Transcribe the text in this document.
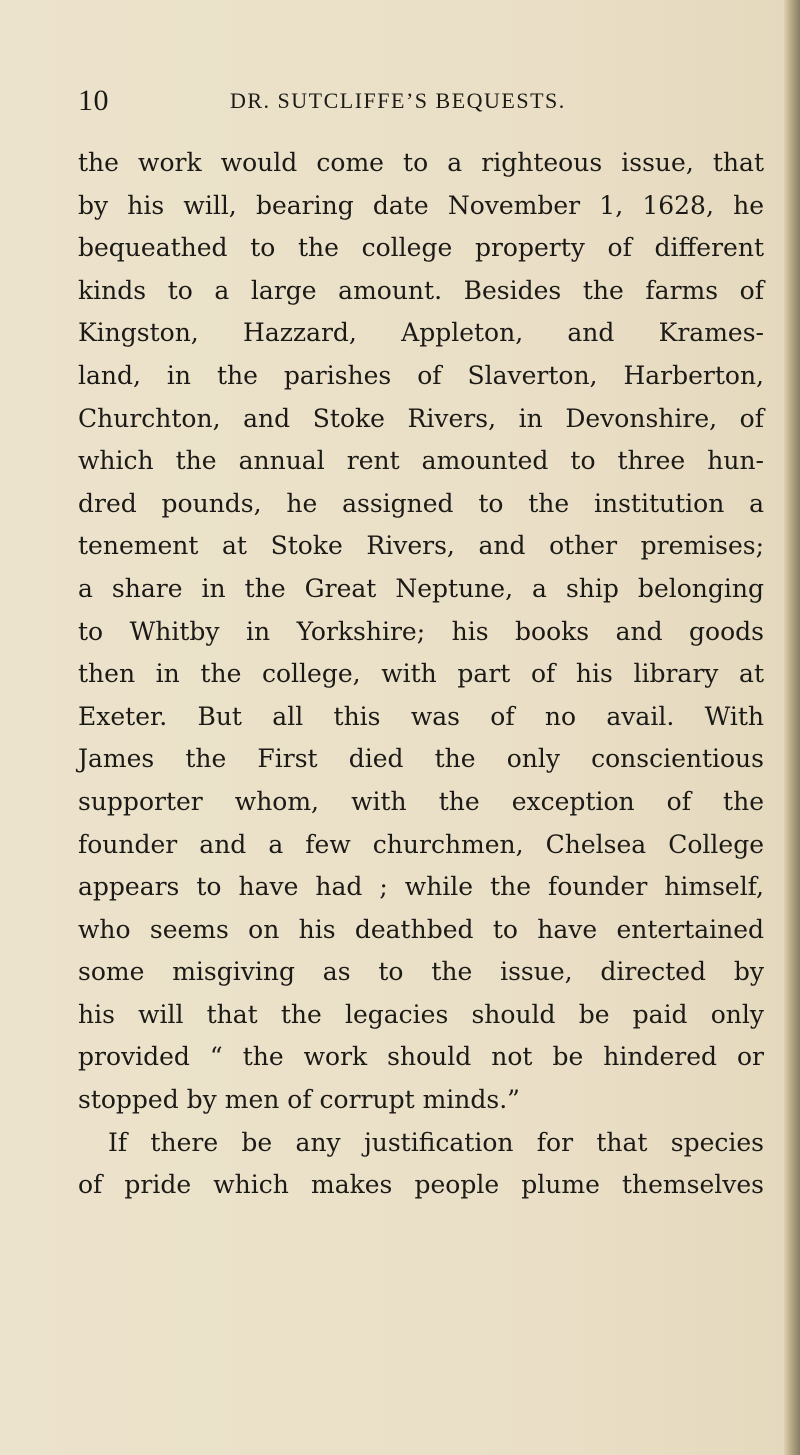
10	DR. SUTCLIFFE’S BEQUESTS.
the work would come to a righteous issue, that
by his will, bearing date November 1, 1628, he
bequeathed to the college property of different
kinds to a large amount. Besides the farms of
Kingston, Hazzard, Appleton, and Krames-
land, in the parishes of Slaverton, Harberton,
Churchton, and Stoke Rivers, in Devonshire, of
which the annual rent amounted to three hun-
dred pounds, he assigned to the institution a
tenement at Stoke Rivers, and other premises;
a share in the Great Neptune, a ship belonging
to Whitby in Yorkshire; his books and goods
then in the college, with part of his library at
Exeter. But all this was of no avail. With
James the First died the only conscientious
supporter whom, with the exception of the
founder and a few churchmen, Chelsea College
appears to have had ; while the founder himself,
who seems on his deathbed to have entertained
some misgiving as to the issue, directed by
his will that the legacies should be paid only
provided “ the work should not be hindered or
stopped by men of corrupt minds.”
If there be any justification for that species
of pride which makes people plume themselves
